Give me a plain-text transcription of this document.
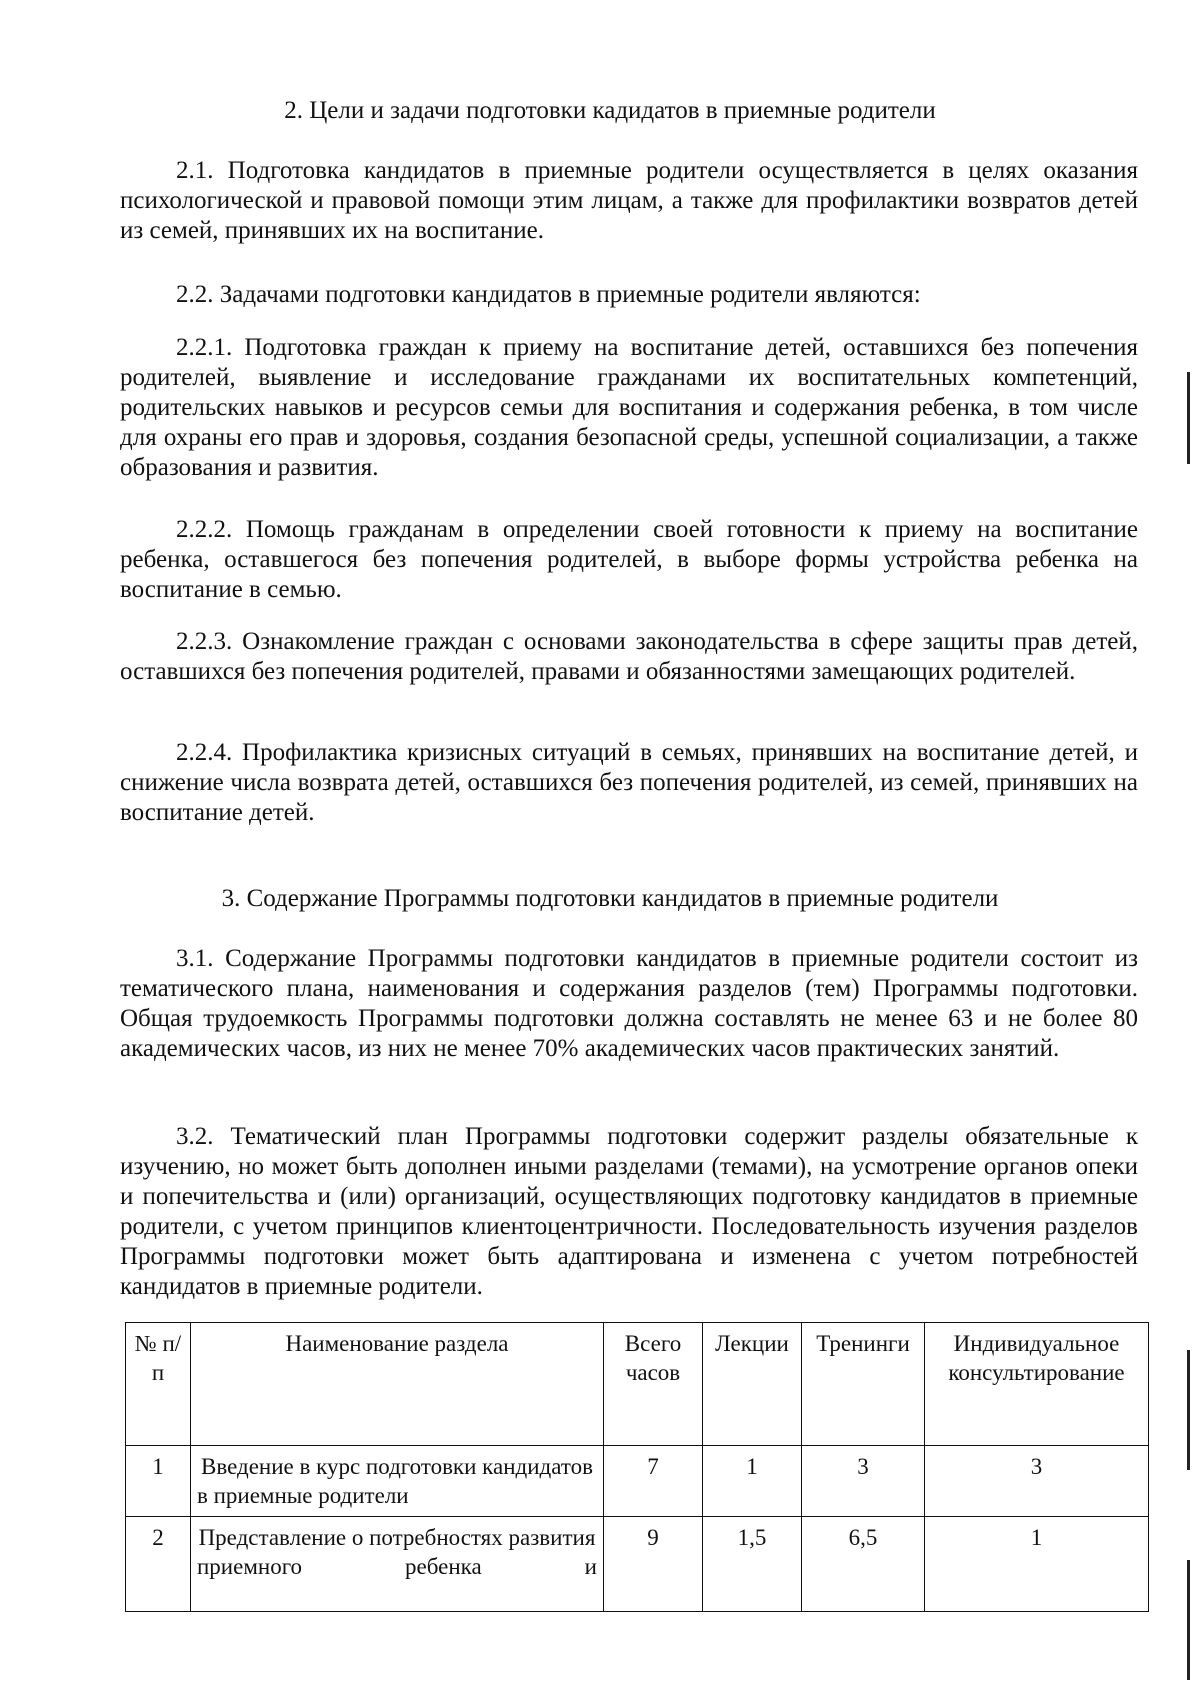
2. Цели и задачи подготовки кадидатов в приемные родители

2.1. Подготовка кандидатов в приемные родители осуществляется в целях оказания психологической и правовой помощи этим лицам, а также для профилактики возвратов детей из семей, принявших их на воспитание.

2.2. Задачами подготовки кандидатов в приемные родители являются:

2.2.1. Подготовка граждан к приему на воспитание детей, оставшихся без попечения родителей, выявление и исследование гражданами их воспитательных компетенций, родительских навыков и ресурсов семьи для воспитания и содержания ребенка, в том числе для охраны его прав и здоровья, создания безопасной среды, успешной социализации, а также образования и развития.

2.2.2. Помощь гражданам в определении своей готовности к приему на воспитание ребенка, оставшегося без попечения родителей, в выборе формы устройства ребенка на воспитание в семью.

2.2.3. Ознакомление граждан с основами законодательства в сфере защиты прав детей, оставшихся без попечения родителей, правами и обязанностями замещающих родителей.

2.2.4. Профилактика кризисных ситуаций в семьях, принявших на воспитание детей, и снижение числа возврата детей, оставшихся без попечения родителей, из семей, принявших на воспитание детей.

3. Содержание Программы подготовки кандидатов в приемные родители

3.1. Содержание Программы подготовки кандидатов в приемные родители состоит из тематического плана, наименования и содержания разделов (тем) Программы подготовки. Общая трудоемкость Программы подготовки должна составлять не менее 63 и не более 80 академических часов, из них не менее 70% академических часов практических занятий.

3.2. Тематический план Программы подготовки содержит разделы обязательные к изучению, но может быть дополнен иными разделами (темами), на усмотрение органов опеки и попечительства и (или) организаций, осуществляющих подготовку кандидатов в приемные родители, с учетом принципов клиентоцентричности. Последовательность изучения разделов Программы подготовки может быть адаптирована и изменена с учетом потребностей кандидатов в приемные родители.

№ п/п	Наименование раздела	Всего часов	Лекции	Тренинги	Индивидуальное консультирование
1	Введение в курс подготовки кандидатов в приемные родители	7	1	3	3
2	Представление о потребностях развития приемного ребенка и	9	1,5	6,5	1
